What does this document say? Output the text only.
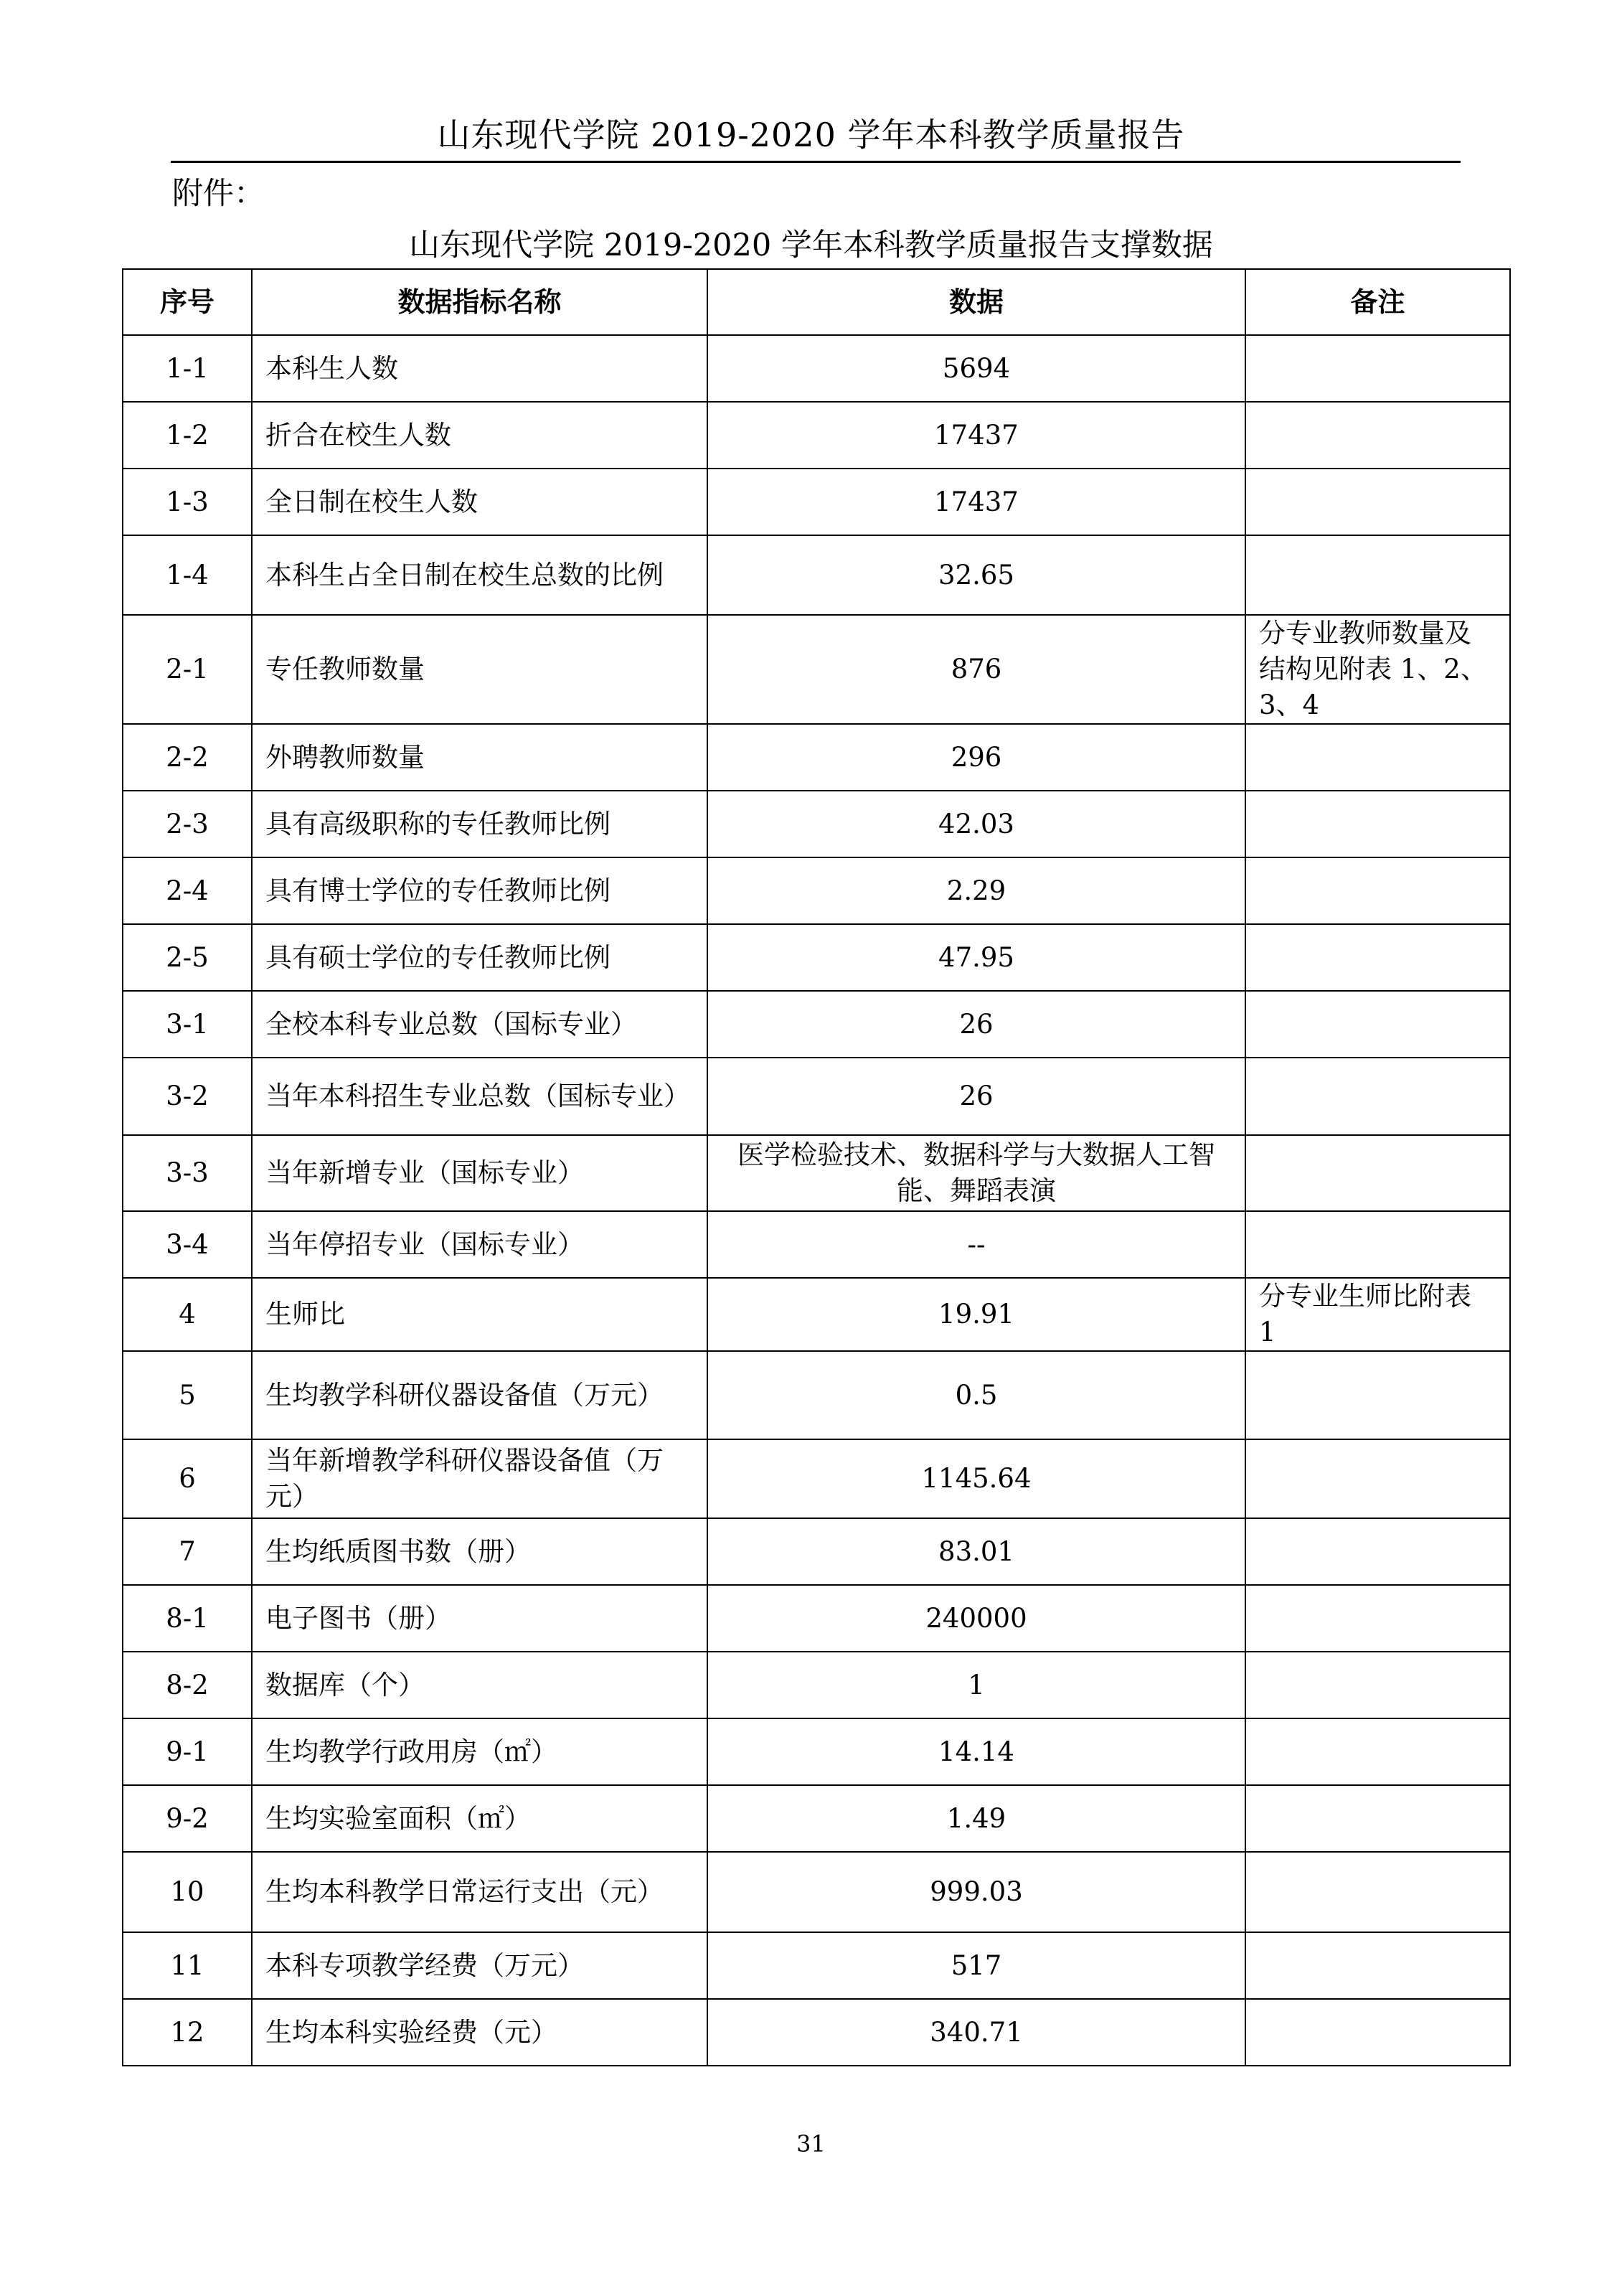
山东现代学院 2019-2020 学年本科教学质量报告
附件：
山东现代学院 2019-2020 学年本科教学质量报告支撑数据
序号	数据指标名称	数据	备注
1-1	本科生人数	5694	
1-2	折合在校生人数	17437	
1-3	全日制在校生人数	17437	
1-4	本科生占全日制在校生总数的比例	32.65	
2-1	专任教师数量	876	分专业教师数量及结构见附表 1、2、3、4
2-2	外聘教师数量	296	
2-3	具有高级职称的专任教师比例	42.03	
2-4	具有博士学位的专任教师比例	2.29	
2-5	具有硕士学位的专任教师比例	47.95	
3-1	全校本科专业总数（国标专业）	26	
3-2	当年本科招生专业总数（国标专业）	26	
3-3	当年新增专业（国标专业）	医学检验技术、数据科学与大数据人工智能、舞蹈表演	
3-4	当年停招专业（国标专业）	--	
4	生师比	19.91	分专业生师比附表 1
5	生均教学科研仪器设备值（万元）	0.5	
6	当年新增教学科研仪器设备值（万元）	1145.64	
7	生均纸质图书数（册）	83.01	
8-1	电子图书（册）	240000	
8-2	数据库（个）	1	
9-1	生均教学行政用房（㎡）	14.14	
9-2	生均实验室面积（㎡）	1.49	
10	生均本科教学日常运行支出（元）	999.03	
11	本科专项教学经费（万元）	517	
12	生均本科实验经费（元）	340.71	
31
